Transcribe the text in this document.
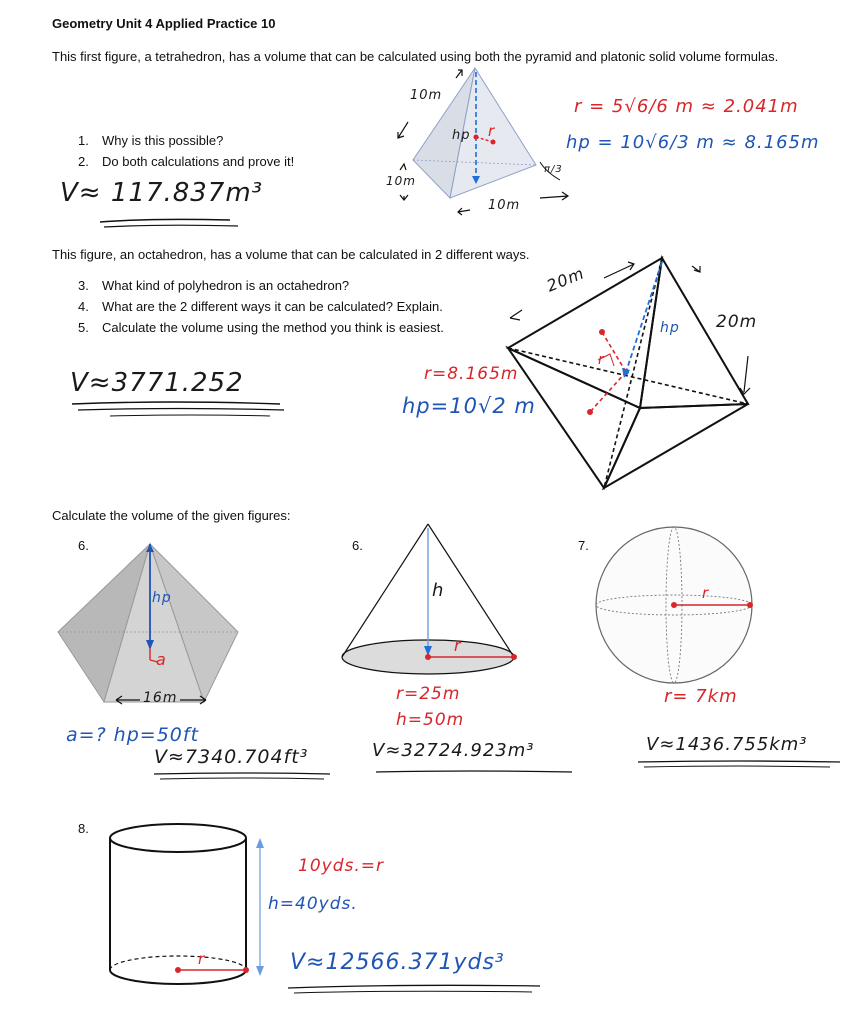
Geometry Unit 4 Applied Practice 10
This first figure, a tetrahedron, has a volume that can be calculated using both the pyramid and platonic solid volume formulas.
1. Why is this possible?
2. Do both calculations and prove it!
V≈ 117.837m³
10m
10m
10m
hp r
π/3
r = 5√6/6 m ≈ 2.041m
hp = 10√6/3 m ≈ 8.165m
This figure, an octahedron, has a volume that can be calculated in 2 different ways.
3. What kind of polyhedron is an octahedron?
4. What are the 2 different ways it can be calculated? Explain.
5. Calculate the volume using the method you think is easiest.
V≈3771.252
20m
20m
hp
r
r=8.165m
hp=10√2 m
Calculate the volume of the given figures:
6.
hp
a
16m
a=? hp=50ft
V≈7340.704ft³
6.
h
r
r=25m
h=50m
V≈32724.923m³
7.
r
r= 7km
V≈1436.755km³
8.
r
10yds.=r
h=40yds.
V≈12566.371yds³
